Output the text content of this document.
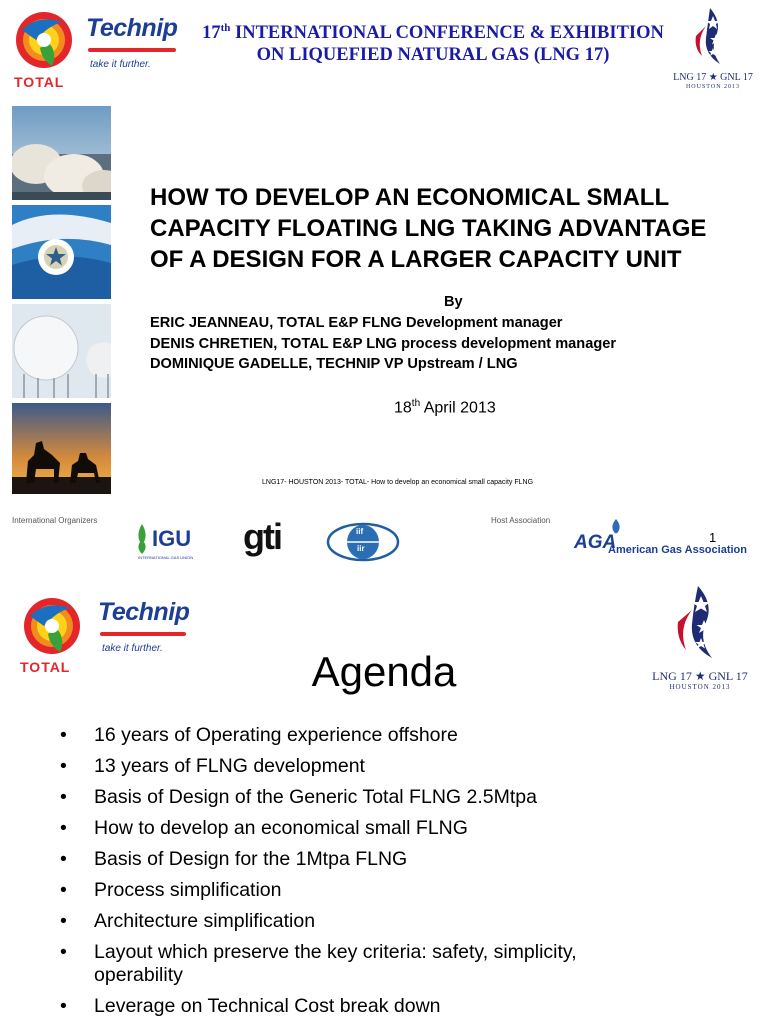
TOTAL
Technip
take it further.
17th INTERNATIONAL CONFERENCE & EXHIBITION
ON LIQUEFIED NATURAL GAS (LNG 17)
LNG 17 ★ GNL 17
HOUSTON 2013
HOW TO DEVELOP AN ECONOMICAL SMALL
CAPACITY FLOATING LNG TAKING ADVANTAGE
OF A DESIGN FOR A LARGER CAPACITY UNIT
By
ERIC JEANNEAU, TOTAL E&P FLNG Development manager
DENIS CHRETIEN, TOTAL E&P LNG process development manager
DOMINIQUE GADELLE, TECHNIP VP Upstream / LNG
18th April 2013
LNG17- HOUSTON 2013- TOTAL- How to develop an economical small capacity FLNG
International Organizers	Host Association
IGU
INTERNATIONAL GAS UNION
gti	iif
iir	AGA
American Gas Association
1
TOTAL
Technip
take it further.
LNG 17 ★ GNL 17
HOUSTON 2013
Agenda
• 16 years of Operating experience offshore
• 13 years of FLNG development
• Basis of Design of the Generic Total FLNG 2.5Mtpa
• How to develop an economical small FLNG
• Basis of Design for the 1Mtpa FLNG
• Process simplification
• Architecture simplification
• Layout which preserve the key criteria: safety, simplicity, operability
• Leverage on Technical Cost break down
